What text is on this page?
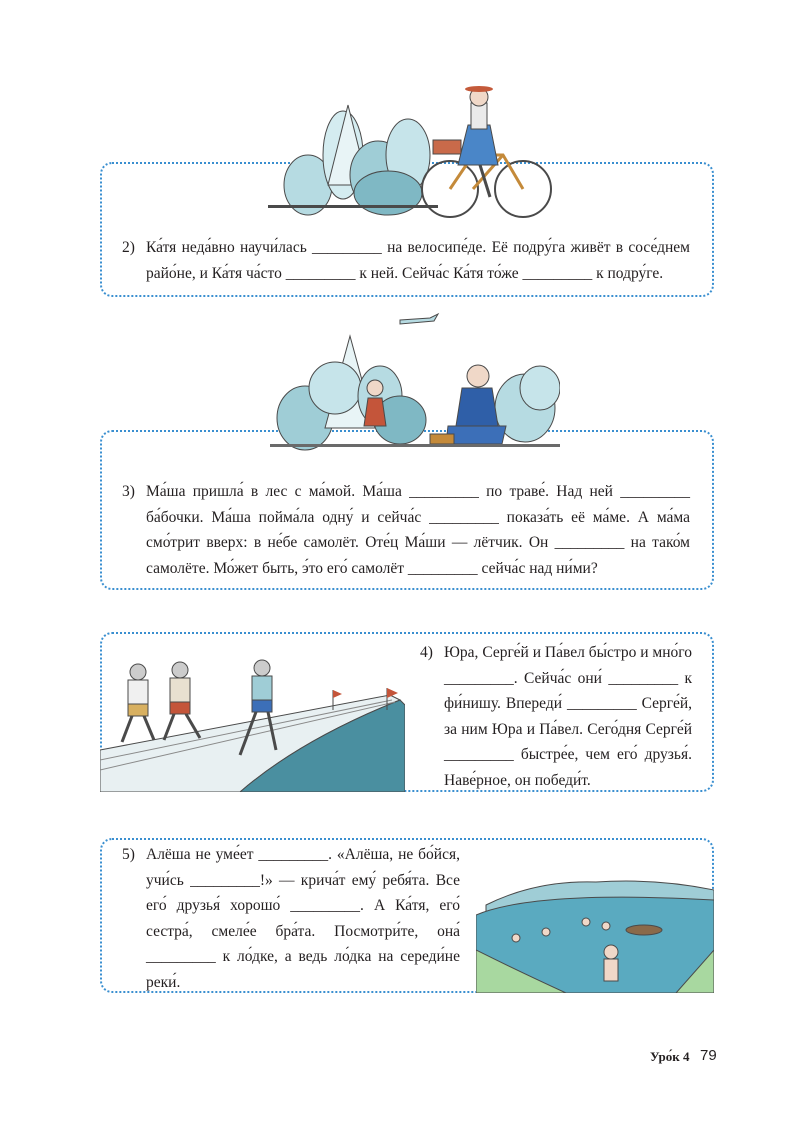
2) Ка́тя неда́вно научи́лась _________ на велосипе́де. Её подру́га живёт в сосе́днем райо́не, и Ка́тя ча́сто _________ к ней. Сейча́с Ка́тя то́же _________ к подру́ге.
3) Ма́ша пришла́ в лес с ма́мой. Ма́ша _________ по траве́. Над ней _________ ба́бочки. Ма́ша пойма́ла одну́ и сейча́с _________ показа́ть её ма́ме. А ма́ма смо́трит вверх: в не́бе самолёт. Оте́ц Ма́ши — лётчик. Он _________ на тако́м самолёте. Мо́жет быть, э́то его́ самолёт _________ сейча́с над ни́ми?
4) Юра, Серге́й и Па́вел бы́стро и мно́го _________. Сейча́с они́ _________ к фи́нишу. Впереди́ _________ Серге́й, за ним Юра и Па́вел. Сего́дня Серге́й _________ быстре́е, чем его́ друзья́. Наве́рное, он победи́т.
5) Алёша не уме́ет _________. «Алёша, не бо́йся, учи́сь _________!» — крича́т ему́ ребя́та. Все его́ друзья́ хорошо́ _________. А Ка́тя, его́ сестра́, смеле́е бра́та. Посмотри́те, она́ _________ к ло́дке, а ведь ло́дка на середи́не реки́.
Уро́к 4 79
